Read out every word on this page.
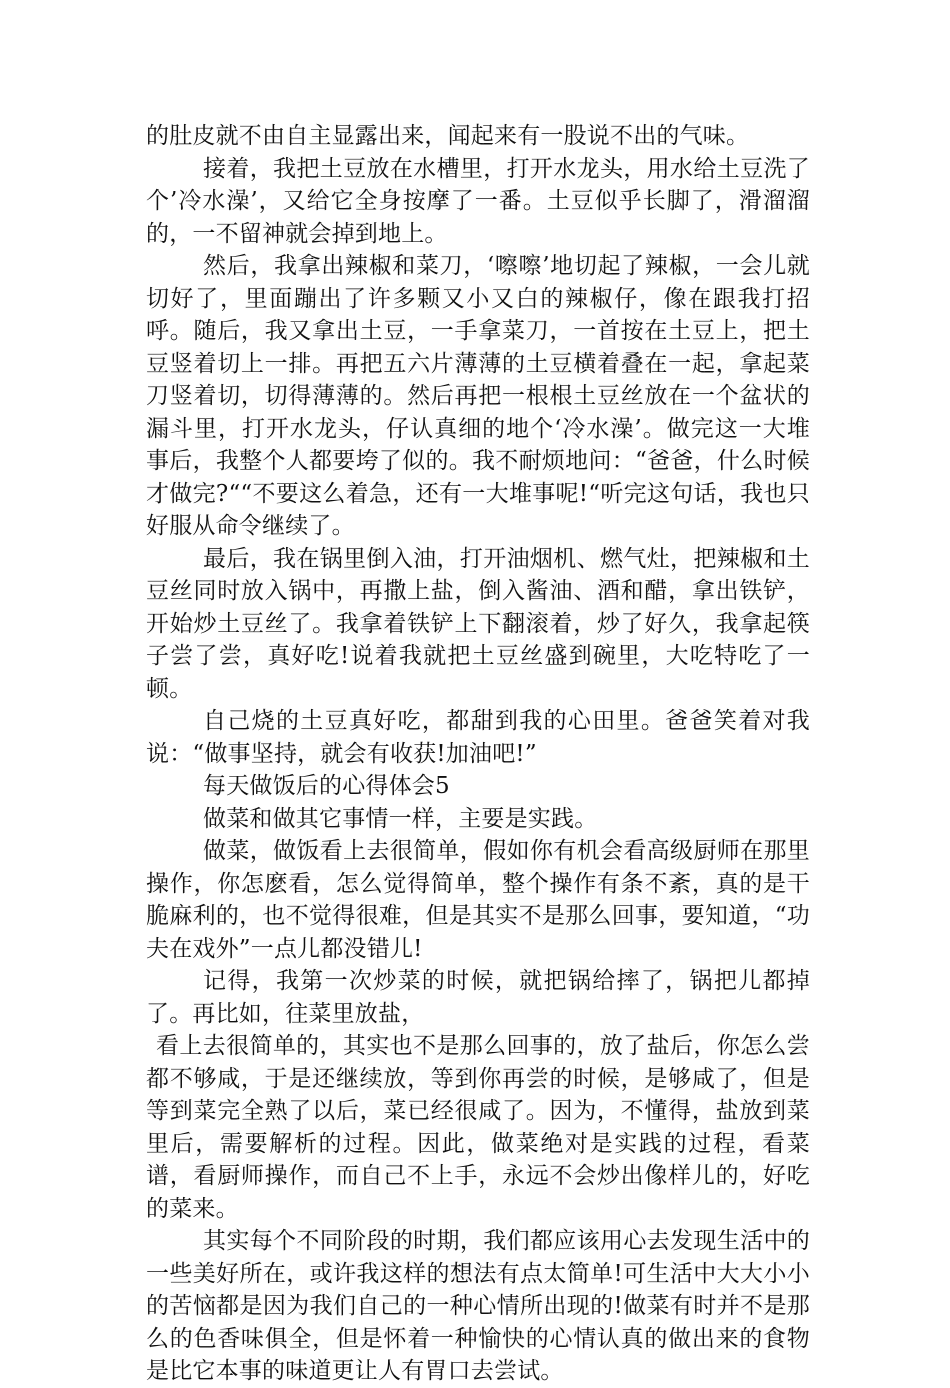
的肚皮就不由自主显露出来，闻起来有一股说不出的气味。

接着，我把土豆放在水槽里，打开水龙头，用水给土豆洗了个’冷水澡’，又给它全身按摩了一番。土豆似乎长脚了，滑溜溜的，一不留神就会掉到地上。

然后，我拿出辣椒和菜刀，‘嚓嚓’地切起了辣椒，一会儿就切好了，里面蹦出了许多颗又小又白的辣椒仔，像在跟我打招呼。随后，我又拿出土豆，一手拿菜刀，一首按在土豆上，把土豆竖着切上一排。再把五六片薄薄的土豆横着叠在一起，拿起菜刀竖着切，切得薄薄的。然后再把一根根土豆丝放在一个盆状的漏斗里，打开水龙头，仔认真细的地个‘冷水澡’。做完这一大堆事后，我整个人都要垮了似的。我不耐烦地问：“爸爸，什么时候才做完?““不要这么着急，还有一大堆事呢!“听完这句话，我也只好服从命令继续了。

最后，我在锅里倒入油，打开油烟机、燃气灶，把辣椒和土豆丝同时放入锅中，再撒上盐，倒入酱油、酒和醋，拿出铁铲，开始炒土豆丝了。我拿着铁铲上下翻滚着，炒了好久，我拿起筷子尝了尝，真好吃!说着我就把土豆丝盛到碗里，大吃特吃了一顿。

自己烧的土豆真好吃，都甜到我的心田里。爸爸笑着对我说：“做事坚持，就会有收获!加油吧!”

每天做饭后的心得体会5

做菜和做其它事情一样，主要是实践。

做菜，做饭看上去很简单，假如你有机会看高级厨师在那里操作，你怎麽看，怎么觉得简单，整个操作有条不紊，真的是干脆麻利的，也不觉得很难，但是其实不是那么回事，要知道，“功夫在戏外”一点儿都没错儿!

记得，我第一次炒菜的时候，就把锅给摔了，锅把儿都掉了。再比如，往菜里放盐，

看上去很简单的，其实也不是那么回事的，放了盐后，你怎么尝都不够咸，于是还继续放，等到你再尝的时候，是够咸了，但是等到菜完全熟了以后，菜已经很咸了。因为，不懂得，盐放到菜里后，需要解析的过程。因此，做菜绝对是实践的过程，看菜谱，看厨师操作，而自己不上手，永远不会炒出像样儿的，好吃的菜来。

其实每个不同阶段的时期，我们都应该用心去发现生活中的一些美好所在，或许我这样的想法有点太简单!可生活中大大小小的苦恼都是因为我们自己的一种心情所出现的!做菜有时并不是那么的色香味俱全，但是怀着一种愉快的心情认真的做出来的食物是比它本事的味道更让人有胃口去尝试。
